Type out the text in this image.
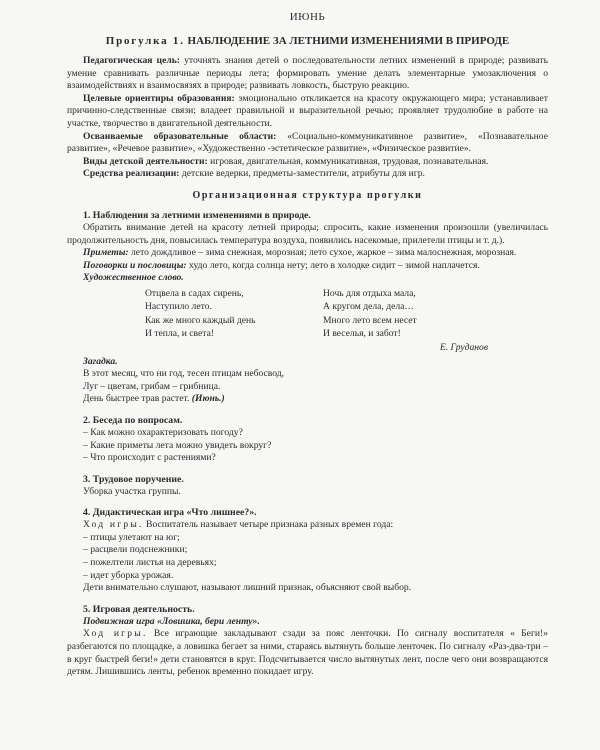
ИЮНЬ
Прогулка 1. НАБЛЮДЕНИЕ ЗА ЛЕТНИМИ ИЗМЕНЕНИЯМИ В ПРИРОДЕ

Педагогическая цель: уточнять знания детей о последовательности летних изменений в природе; развивать умение сравнивать различные периоды лета; формировать умение делать элементарные умозаключения о взаимодействиях и взаимосвязях в природе; развивать ловкость, быструю реакцию.

Целевые ориентиры образования: эмоционально откликается на красоту окружающего мира; устанавливает причинно-следственные связи; владеет правильной и выразительной речью; проявляет трудолюбие в работе на участке, творчество в двигательной деятельности.

Осваиваемые образовательные области: «Социально-коммуникативное развитие», «Познавательное развитие», «Речевое развитие», «Художественно -эстетическое развитие», «Физическое развитие».

Виды детской деятельности: игровая, двигательная, коммуникативная, трудовая, познавательная.

Средства реализации: детские ведерки, предметы-заместители, атрибуты для игр.

Организационная структура прогулки

1. Наблюдения за летними изменениями в природе.

Обратить внимание детей на красоту летней природы; спросить, какие изменения произошли (увеличилась продолжительность дня, повысилась температура воздуха, появились насекомые, прилетели птицы и т. д.).

Приметы: лето дождливое – зима снежная, морозная; лето сухое, жаркое – зима малоснежная, морозная.

Поговорки и пословицы: худо лето, когда солнца нету; лето в холодке сидит – зимой наплачется.

Художественное слово.

Отцвела в садах сирень,
Наступило лето.
Как же много каждый день
И тепла, и света!
Ночь для отдыха мала,
А кругом дела, дела…
Много лето всем несет
И веселья, и забот!
Е. Груданов

Загадка.

В этот месяц, что ни год, тесен птицам небосвод,

Луг – цветам, грибам – грибница.

День быстрее трав растет. (Июнь.)

2. Беседа по вопросам.

– Как можно охарактеризовать погоду?

– Какие приметы лета можно увидеть вокруг?

– Что происходит с растениями?

3. Трудовое поручение.

Уборка участка группы.

4. Дидактическая игра «Что лишнее?».

Ход игры. Воспитатель называет четыре признака разных времен года:

– птицы улетают на юг;

– расцвели подснежники;

– пожелтели листья на деревьях;

– идет уборка урожая.

Дети внимательно слушают, называют лишний признак, объясняют свой выбор.

5. Игровая деятельность.

Подвижная игра «Ловишка, бери ленту».

Ход игры. Все играющие закладывают сзади за пояс ленточки. По сигналу воспитателя « Беги!» разбегаются по площадке, а ловишка бегает за ними, стараясь вытянуть больше ленточек. По сигналу «Раз-два-три – в круг быстрей беги!» дети становятся в круг. Подсчитывается число вытянутых лент, после чего они возвращаются детям. Лишившись ленты, ребенок временно покидает игру.
